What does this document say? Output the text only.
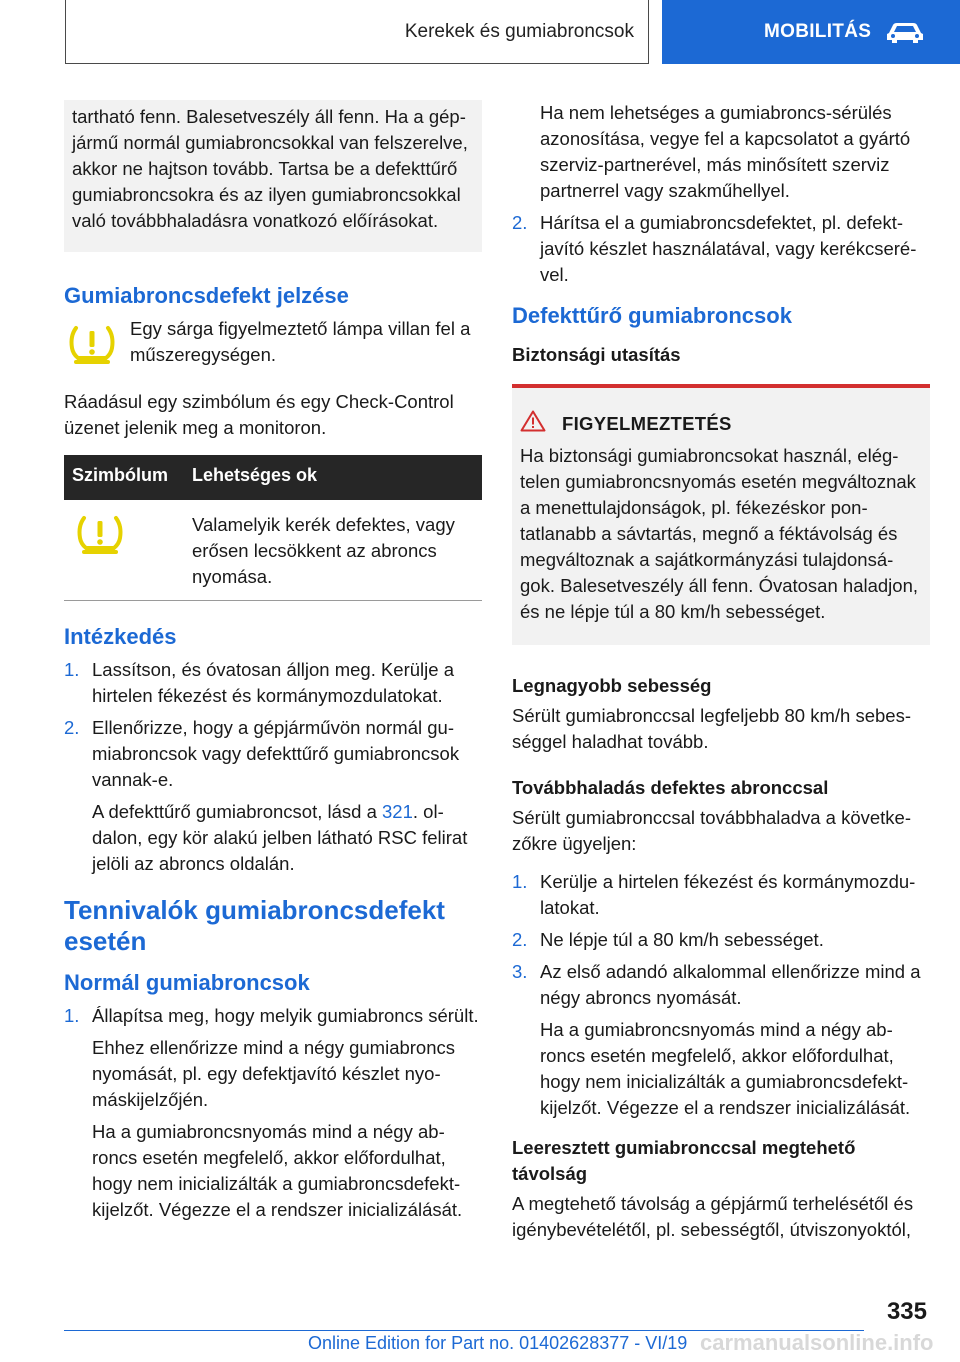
Kerekek és gumiabroncsok	MOBILITÁS

tartható fenn. Balesetveszély áll fenn. Ha a gépjármű normál gumiabroncsokkal van felszerelve, akkor ne hajtson tovább. Tartsa be a defekttűrő gumiabroncsokra és az ilyen gumiabroncsokkal való továbbhaladásra vonatkozó előírásokat.

Gumiabroncsdefekt jelzése

Egy sárga figyelmeztető lámpa villan fel a műszeregységen.

Ráadásul egy szimbólum és egy Check-Control üzenet jelenik meg a monitoron.

Szimbólum	Lehetséges ok
	Valamelyik kerék defektes, vagy erősen lecsökkent az abroncs nyomása.
Intézkedés
1. Lassítson, és óvatosan álljon meg. Kerülje a hirtelen fékezést és kormánymozdulatokat.

2. Ellenőrizze, hogy a gépjárművön normál gumiabroncsok vagy defekttűrő gumiabroncsok vannak-e.

A defekttűrő gumiabroncsot, lásd a 321. oldalon, egy kör alakú jelben látható RSC felirat jelöli az abroncs oldalán.

Tennivalók gumiabroncsdefekt esetén
Normál gumiabroncsok
1. Állapítsa meg, hogy melyik gumiabroncs sérült.

Ehhez ellenőrizze mind a négy gumiabroncs nyomását, pl. egy defektjavító készlet nyomáskijelzőjén.

Ha a gumiabroncsnyomás mind a négy abroncs esetén megfelelő, akkor előfordulhat, hogy nem inicializálták a gumiabroncsdefektkijelzőt. Végezze el a rendszer inicializálását.

Ha nem lehetséges a gumiabroncs-sérülés azonosítása, vegye fel a kapcsolatot a gyártó szerviz-partnerével, más minősített szerviz partnerrel vagy szakműhellyel.

2. Hárítsa el a gumiabroncsdefektet, pl. defektjavító készlet használatával, vagy kerékcserével.

Defekttűrő gumiabroncsok
Biztonsági utasítás
FIGYELMEZTETÉS

Ha biztonsági gumiabroncsokat használ, elégtelen gumiabroncsnyomás esetén megváltoznak a menettulajdonságok, pl. fékezéskor pontatlanabb a sávtartás, megnő a féktávolság és megváltoznak a sajátkormányzási tulajdonságok. Balesetveszély áll fenn. Óvatosan haladjon, és ne lépje túl a 80 km/h sebességet.

Legnagyobb sebesség

Sérült gumiabronccsal legfeljebb 80 km/h sebességgel haladhat tovább.

Továbbhaladás defektes abronccsal

Sérült gumiabronccsal továbbhaladva a következőkre ügyeljen:

1. Kerülje a hirtelen fékezést és kormánymozdulatokat.

2. Ne lépje túl a 80 km/h sebességet.

3. Az első adandó alkalommal ellenőrizze mind a négy abroncs nyomását.

Ha a gumiabroncsnyomás mind a négy abroncs esetén megfelelő, akkor előfordulhat, hogy nem inicializálták a gumiabroncsdefektkijelzőt. Végezze el a rendszer inicializálását.

Leeresztett gumiabronccsal megtehető távolság

A megtehető távolság a gépjármű terhelésétől és igénybevételétől, pl. sebességtől, útviszonyoktól,

335
carmanualsonline.info
Online Edition for Part no. 01402628377 - VI/19
